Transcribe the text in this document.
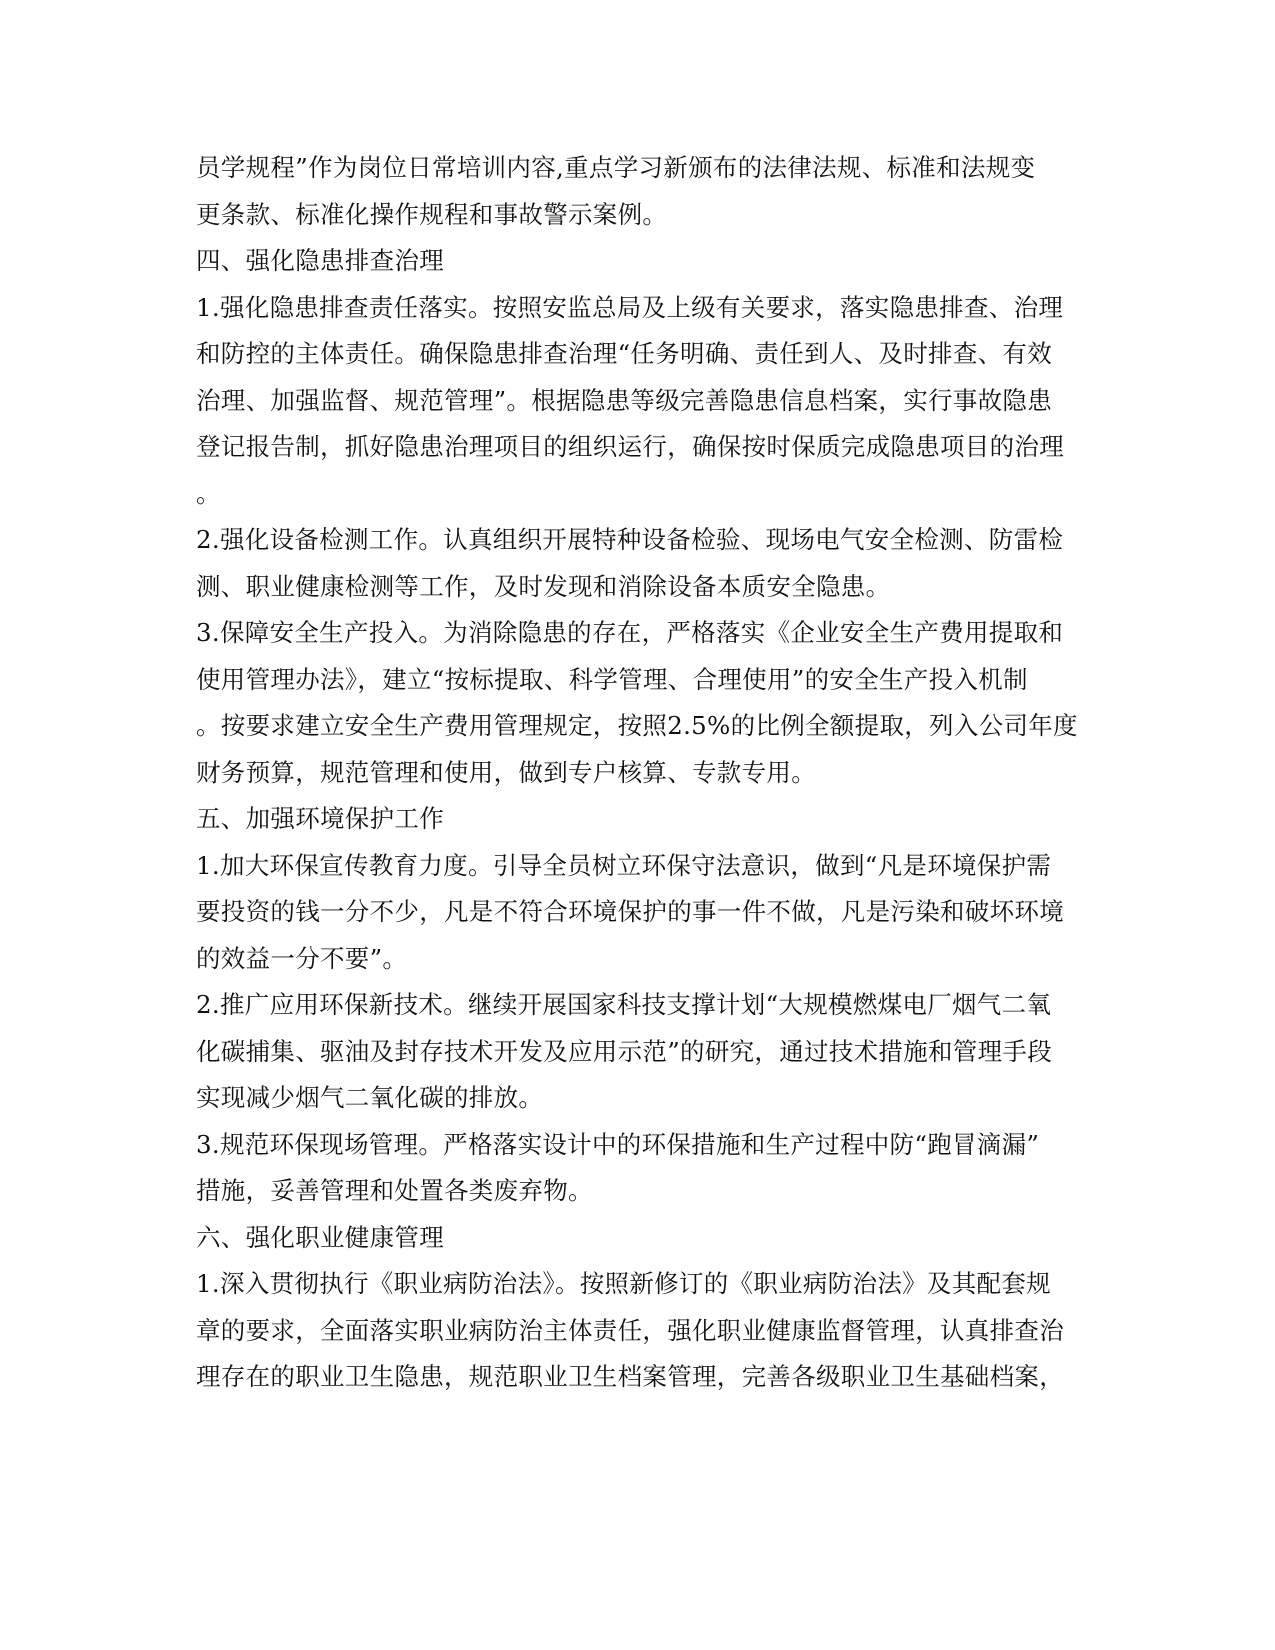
员学规程”作为岗位日常培训内容,重点学习新颁布的法律法规、标准和法规变
更条款、标准化操作规程和事故警示案例。
四、强化隐患排查治理
1.强化隐患排查责任落实。按照安监总局及上级有关要求，落实隐患排查、治理
和防控的主体责任。确保隐患排查治理“任务明确、责任到人、及时排查、有效
治理、加强监督、规范管理”。根据隐患等级完善隐患信息档案，实行事故隐患
登记报告制，抓好隐患治理项目的组织运行，确保按时保质完成隐患项目的治理
。
2.强化设备检测工作。认真组织开展特种设备检验、现场电气安全检测、防雷检
测、职业健康检测等工作，及时发现和消除设备本质安全隐患。
3.保障安全生产投入。为消除隐患的存在，严格落实《企业安全生产费用提取和
使用管理办法》，建立“按标提取、科学管理、合理使用”的安全生产投入机制
。按要求建立安全生产费用管理规定，按照2.5%的比例全额提取，列入公司年度
财务预算，规范管理和使用，做到专户核算、专款专用。
五、加强环境保护工作
1.加大环保宣传教育力度。引导全员树立环保守法意识，做到“凡是环境保护需
要投资的钱一分不少，凡是不符合环境保护的事一件不做，凡是污染和破坏环境
的效益一分不要”。
2.推广应用环保新技术。继续开展国家科技支撑计划“大规模燃煤电厂烟气二氧
化碳捕集、驱油及封存技术开发及应用示范”的研究，通过技术措施和管理手段
实现减少烟气二氧化碳的排放。
3.规范环保现场管理。严格落实设计中的环保措施和生产过程中防“跑冒滴漏”
措施，妥善管理和处置各类废弃物。
六、强化职业健康管理
1.深入贯彻执行《职业病防治法》。按照新修订的《职业病防治法》及其配套规
章的要求，全面落实职业病防治主体责任，强化职业健康监督管理，认真排查治
理存在的职业卫生隐患，规范职业卫生档案管理，完善各级职业卫生基础档案，
